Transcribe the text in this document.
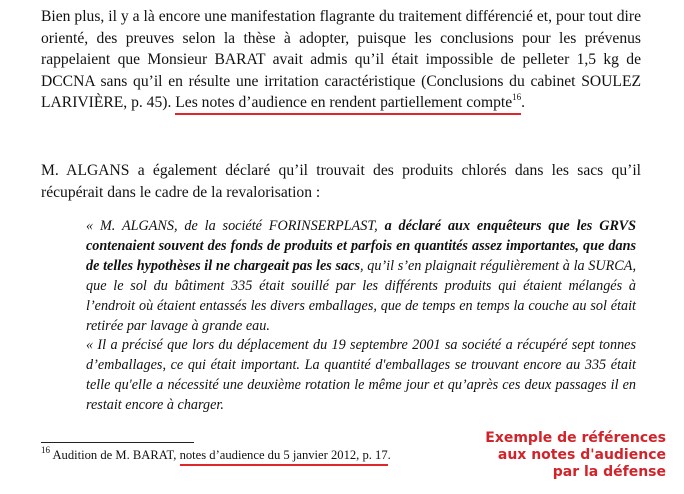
Bien plus, il y a là encore une manifestation flagrante du traitement différencié et, pour tout dire orienté, des preuves selon la thèse à adopter, puisque les conclusions pour les prévenus rappelaient que Monsieur BARAT avait admis qu’il était impossible de pelleter 1,5 kg de DCCNA sans qu’il en résulte une irritation caractéristique (Conclusions du cabinet SOULEZ LARIVIÈRE, p. 45). Les notes d’audience en rendent partiellement compte$^{16}$.
M. ALGANS a également déclaré qu’il trouvait des produits chlorés dans les sacs qu’il récupérait dans le cadre de la revalorisation :

« M. ALGANS, de la société FORINSERPLAST, a déclaré aux enquêteurs que les GRVS contenaient souvent des fonds de produits et parfois en quantités assez importantes, que dans de telles hypothèses il ne chargeait pas les sacs, qu’il s’en plaignait régulièrement à la SURCA, que le sol du bâtiment 335 était souillé par les différents produits qui étaient mélangés à l’endroit où étaient entassés les divers emballages, que de temps en temps la couche au sol était retirée par lavage à grande eau.

« Il a précisé que lors du déplacement du 19 septembre 2001 sa société a récupéré sept tonnes d’emballages, ce qui était important. La quantité d'emballages se trouvant encore au 335 était telle qu'elle a nécessité une deuxième rotation le même jour et qu’après ces deux passages il en restait encore à charger.

$^{16}$ Audition de M. BARAT, notes d’audience du 5 janvier 2012, p. 17.
Exemple de références
aux notes d'audience
par la défense
